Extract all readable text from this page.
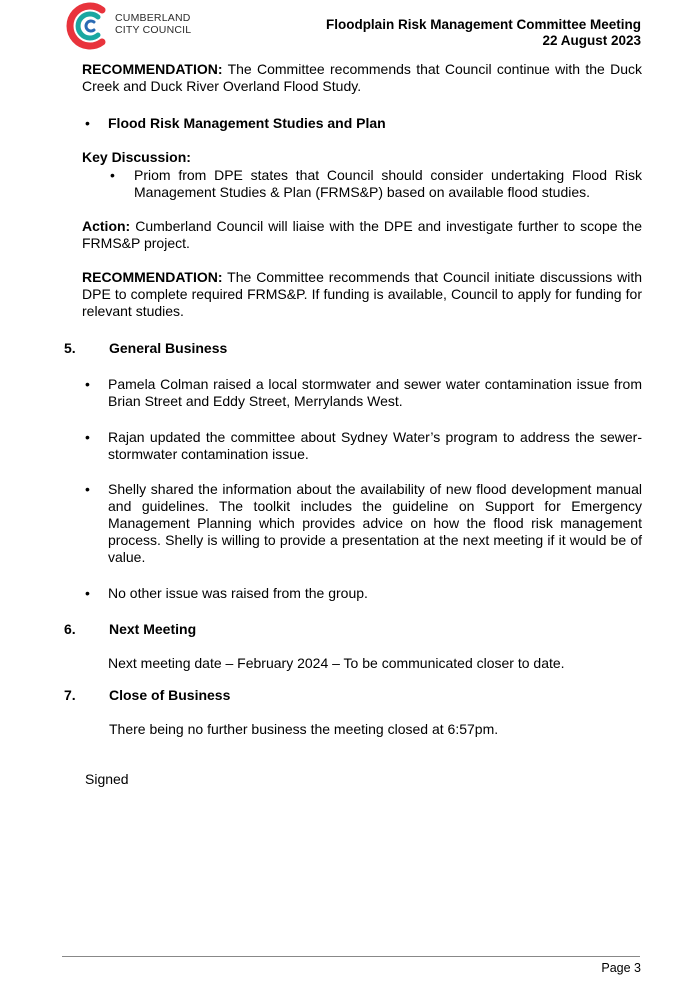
CUMBERLAND
CITY COUNCIL	Floodplain Risk Management Committee Meeting
22 August 2023
RECOMMENDATION: The Committee recommends that Council continue with the Duck Creek and Duck River Overland Flood Study.
• Flood Risk Management Studies and Plan
Key Discussion:
• Priom from DPE states that Council should consider undertaking Flood Risk Management Studies & Plan (FRMS&P) based on available flood studies.
Action: Cumberland Council will liaise with the DPE and investigate further to scope the FRMS&P project.
RECOMMENDATION: The Committee recommends that Council initiate discussions with DPE to complete required FRMS&P. If funding is available, Council to apply for funding for relevant studies.
5. General Business
• Pamela Colman raised a local stormwater and sewer water contamination issue from Brian Street and Eddy Street, Merrylands West.
• Rajan updated the committee about Sydney Water’s program to address the sewer-stormwater contamination issue.
• Shelly shared the information about the availability of new flood development manual and guidelines. The toolkit includes the guideline on Support for Emergency Management Planning which provides advice on how the flood risk management process. Shelly is willing to provide a presentation at the next meeting if it would be of value.
• No other issue was raised from the group.
6. Next Meeting
Next meeting date – February 2024 – To be communicated closer to date.
7. Close of Business
There being no further business the meeting closed at 6:57pm.
Signed
Page 3
